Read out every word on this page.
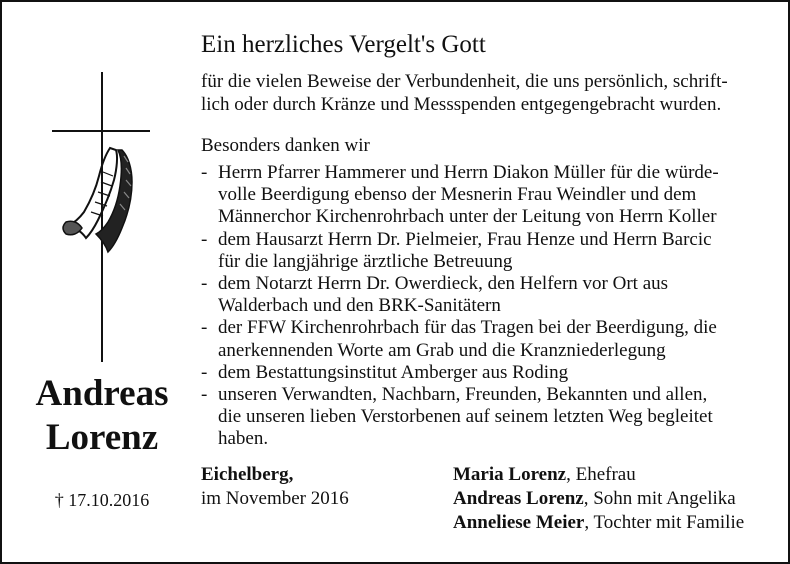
Andreas
Lorenz
† 17.10.2016
Ein herzliches Vergelt's Gott
für die vielen Beweise der Verbundenheit, die uns persönlich, schrift-
lich oder durch Kränze und Messspenden entgegengebracht wurden.
Besonders danken wir
- Herrn Pfarrer Hammerer und Herrn Diakon Müller für die würde-
volle Beerdigung ebenso der Mesnerin Frau Weindler und dem
Männerchor Kirchenrohrbach unter der Leitung von Herrn Koller
- dem Hausarzt Herrn Dr. Pielmeier, Frau Henze und Herrn Barcic
für die langjährige ärztliche Betreuung
- dem Notarzt Herrn Dr. Owerdieck, den Helfern vor Ort aus
Walderbach und den BRK-Sanitätern
- der FFW Kirchenrohrbach für das Tragen bei der Beerdigung, die
anerkennenden Worte am Grab und die Kranzniederlegung
- dem Bestattungsinstitut Amberger aus Roding
- unseren Verwandten, Nachbarn, Freunden, Bekannten und allen,
die unseren lieben Verstorbenen auf seinem letzten Weg begleitet
haben.
Eichelberg,
im November 2016
Maria Lorenz, Ehefrau
Andreas Lorenz, Sohn mit Angelika
Anneliese Meier, Tochter mit Familie
